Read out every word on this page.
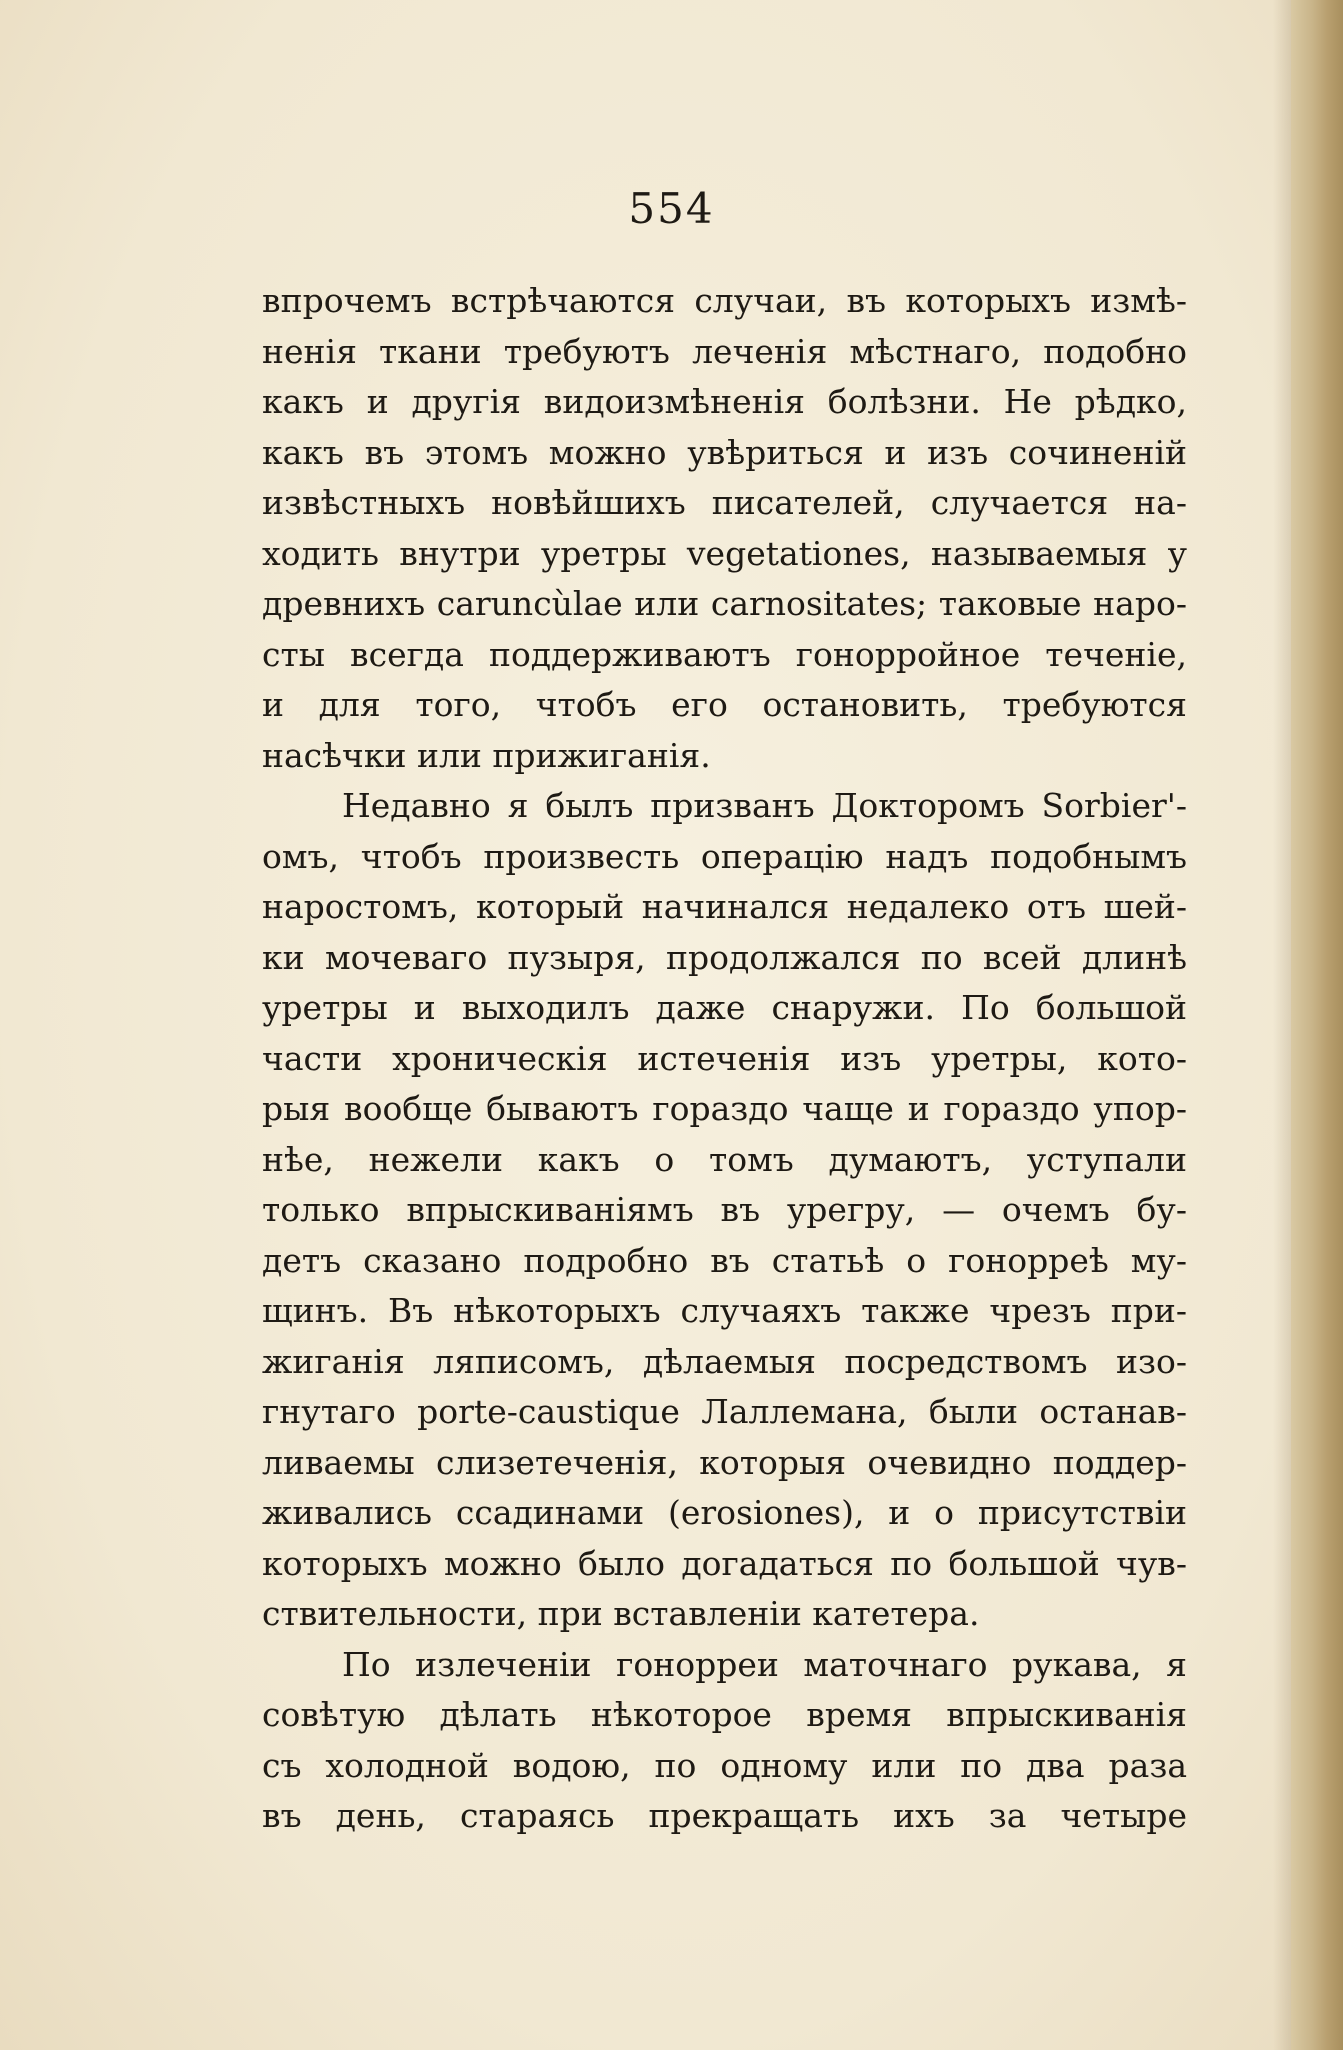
554
впрочемъ встрѣчаются случаи, въ которыхъ измѣ-
ненія ткани требуютъ леченія мѣстнаго, подобно
какъ и другія видоизмѣненія болѣзни. Не рѣдко,
какъ въ этомъ можно увѣриться и изъ сочиненій
извѣстныхъ новѣйшихъ писателей, случается на-
ходить внутри уретры vegetationes, называемыя у
древнихъ caruncùlae или carnositates; таковые наро-
сты всегда поддерживаютъ гонорройное теченіе,
и для того, чтобъ его остановить, требуются
насѣчки или прижиганія.
Недавно я былъ призванъ Докторомъ Sorbier'-
омъ, чтобъ произвесть операцію надъ подобнымъ
наростомъ, который начинался недалеко отъ шей-
ки мочеваго пузыря, продолжался по всей длинѣ
уретры и выходилъ даже снаружи. По большой
части хроническія истеченія изъ уретры, кото-
рыя вообще бываютъ гораздо чаще и гораздо упор-
нѣе, нежели какъ о томъ думаютъ, уступали
только впрыскиваніямъ въ урегру, — очемъ бу-
детъ сказано подробно въ статьѣ о гонорреѣ му-
щинъ. Въ нѣкоторыхъ случаяхъ также чрезъ при-
жиганія ляписомъ, дѣлаемыя посредствомъ изо-
гнутаго porte-caustique Лаллемана, были останав-
ливаемы слизетеченія, которыя очевидно поддер-
живались ссадинами (erosiones), и о присутствіи
которыхъ можно было догадаться по большой чув-
ствительности, при вставленіи катетера.
По излеченіи гонорреи маточнаго рукава, я
совѣтую дѣлать нѣкоторое время впрыскиванія
съ холодной водою, по одному или по два раза
въ день, стараясь прекращать ихъ за четыре
